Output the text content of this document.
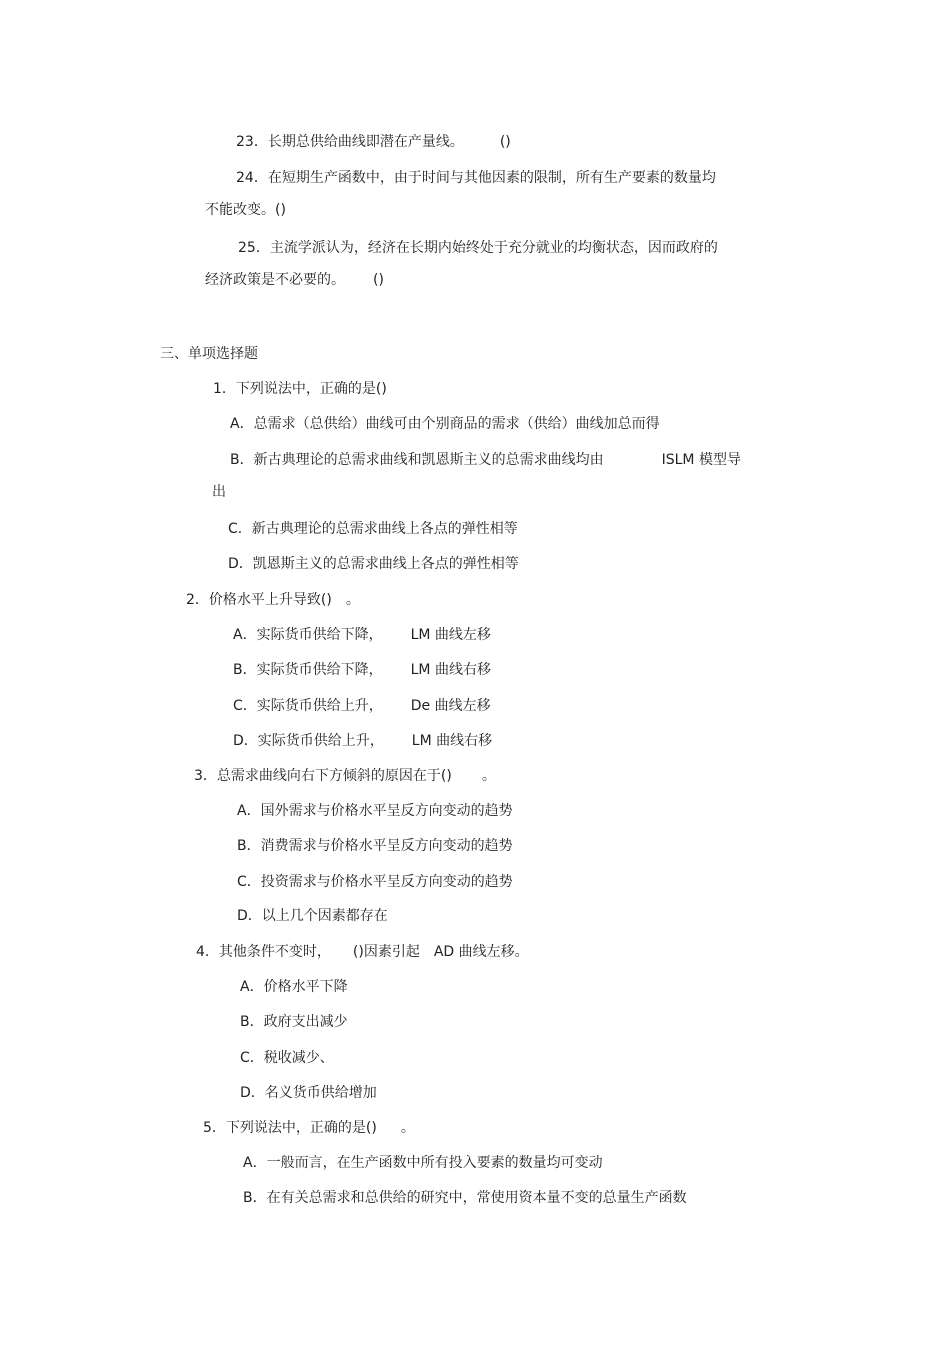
23．长期总供给曲线即潜在产量线。	()
24．在短期生产函数中，由于时间与其他因素的限制，所有生产要素的数量均
不能改变。()
25．主流学派认为，经济在长期内始终处于充分就业的均衡状态，因而政府的
经济政策是不必要的。 ()
三、单项选择题
1．下列说法中，正确的是()
A．总需求（总供给）曲线可由个别商品的需求（供给）曲线加总而得
B．新古典理论的总需求曲线和凯恩斯主义的总需求曲线均由	ISLM 模型导
出
C．新古典理论的总需求曲线上各点的弹性相等
D．凯恩斯主义的总需求曲线上各点的弹性相等
2．价格水平上升导致() 。
A．实际货币供给下降， LM 曲线左移
B．实际货币供给下降， LM 曲线右移
C．实际货币供给上升， De 曲线左移
D．实际货币供给上升， LM 曲线右移
3．总需求曲线向右下方倾斜的原因在于() 。
A．国外需求与价格水平呈反方向变动的趋势
B．消费需求与价格水平呈反方向变动的趋势
C．投资需求与价格水平呈反方向变动的趋势
D．以上几个因素都存在
4．其他条件不变时， ()因素引起 AD 曲线左移。
A．价格水平下降
B．政府支出减少
C．税收减少、
D．名义货币供给增加
5．下列说法中，正确的是() 。
A．一般而言，在生产函数中所有投入要素的数量均可变动
B．在有关总需求和总供给的研究中，常使用资本量不变的总量生产函数
